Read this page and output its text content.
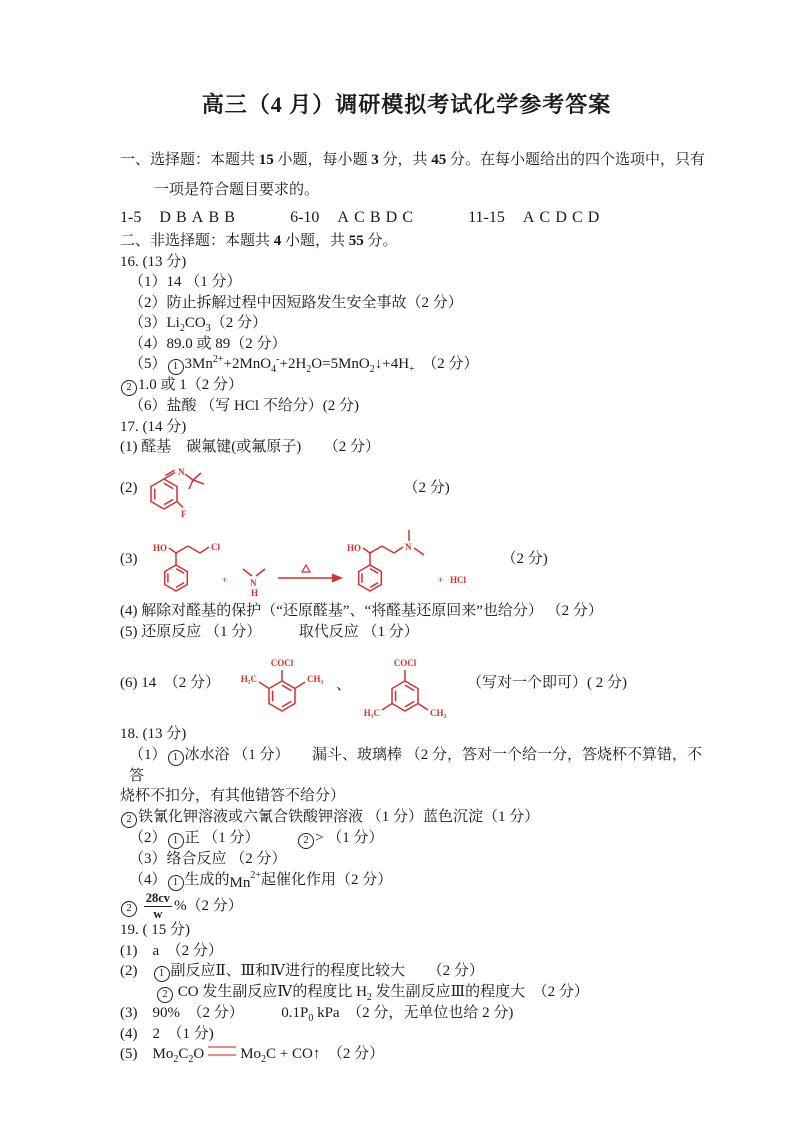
高三（4 月）调研模拟考试化学参考答案
一、选择题：本题共 15 小题，每小题 3 分，共 45 分。在每小题给出的四个选项中，只有
一项是符合题目要求的。
1-5 DBABB	6-10 ACBDC	11-15 ACDCD
二、非选择题：本题共 4 小题，共 55 分。
16. (13 分)
（1）14 （1 分）
（2）防止拆解过程中因短路发生安全事故（2 分）
$(3)Li_2CO_3(2$ 分）
（4）89.0 或 89（2 分）
（5） 1 $3Mn^{2+}+2MnO_4^-+2H_2O=5MnO_2↓+4H_+$　（2 分）
2 1.0 或 1（2 分）
（6）盐酸 （写 HCl 不给分）(2 分)
17. (14 分)
(1) 醛基　碳氟键(或氟原子)　　（2 分）
(2)
N
F
（2 分)
(3)
HO	Cl
+	N
H
HO	N
+ HCl
（2 分)
(4) 解除对醛基的保护（“还原醛基”、“将醛基还原回来”也给分） （2 分）
(5) 还原反应 （1 分）　　　取代反应 （1 分）
(6) 14　（2 分）
COCl
H₃C	CH₃ 、
COCl
H₃C	CH₃
（写对一个即可）( 2 分)
18. (13 分)
（1） 1 冰水浴 （1 分）　　漏斗、玻璃棒 （2 分，答对一个给一分，答烧杯不算错，不答
烧杯不扣分，有其他错答不给分）
2 铁氰化钾溶液或六氰合铁酸钾溶液 （1 分）蓝色沉淀（1 分）
（2） 1 正 （1 分）　　　2 > （1 分）
（3）络合反应 （2 分）
（4） 1 生成的$Mn^{2+}$起催化作用（2 分）
$2 \frac{28cv}{w} \%(2$ 分）
19. ( 15 分)
(1)　a　（2 分）
(2)　1 副反应Ⅱ、Ⅲ和Ⅳ进行的程度比较大　　（2 分）
2 CO 发生副反应Ⅳ的程度比 $H_2$ 发生副反应Ⅲ的程度大　（2 分）
(3)　90%　（2 分）　　　$0.1P_0$ kPa　（2 分，无单位也给 2 分)
(4)　2　（1 分)
(5)　$Mo_2C_2O$ $Mo_2C$ + CO↑　（2 分）
